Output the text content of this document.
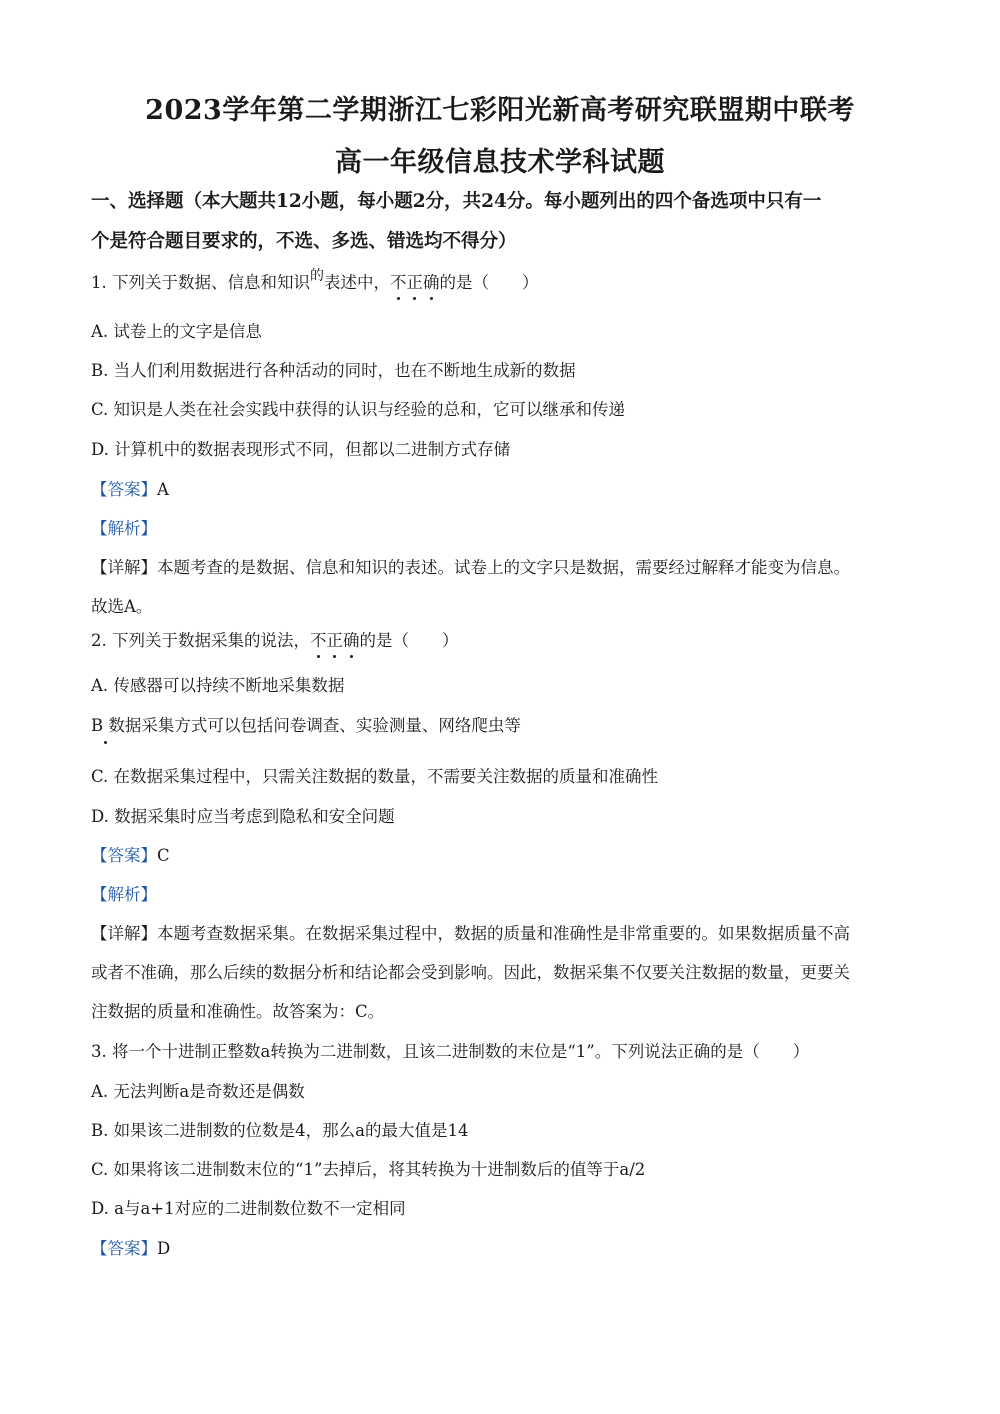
2023学年第二学期浙江七彩阳光新高考研究联盟期中联考
高一年级信息技术学科试题
一、选择题（本大题共12小题，每小题2分，共24分。每小题列出的四个备选项中只有一
个是符合题目要求的，不选、多选、错选均不得分）
1. 下列关于数据、信息和知识$^的$表述中，不正确的是（　　）
A. 试卷上的文字是信息
B. 当人们利用数据进行各种活动的同时，也在不断地生成新的数据
C. 知识是人类在社会实践中获得的认识与经验的总和，它可以继承和传递
D. 计算机中的数据表现形式不同，但都以二进制方式存储
【答案】A
【解析】
【详解】本题考查的是数据、信息和知识的表述。试卷上的文字只是数据，需要经过解释才能变为信息。
故选A。
2. 下列关于数据采集的说法，不正确的是（　　）
A. 传感器可以持续不断地采集数据
B 数据采集方式可以包括问卷调查、实验测量、网络爬虫等
C. 在数据采集过程中，只需关注数据的数量，不需要关注数据的质量和准确性
D. 数据采集时应当考虑到隐私和安全问题
【答案】C
【解析】
【详解】本题考查数据采集。在数据采集过程中，数据的质量和准确性是非常重要的。如果数据质量不高
或者不准确，那么后续的数据分析和结论都会受到影响。因此，数据采集不仅要关注数据的数量，更要关
注数据的质量和准确性。故答案为：C。
3. 将一个十进制正整数a转换为二进制数，且该二进制数的末位是“1”。下列说法正确的是（　　）
A. 无法判断a是奇数还是偶数
B. 如果该二进制数的位数是4，那么a的最大值是14
C. 如果将该二进制数末位的“1”去掉后，将其转换为十进制数后的值等于a/2
D. a与a+1对应的二进制数位数不一定相同
【答案】D
